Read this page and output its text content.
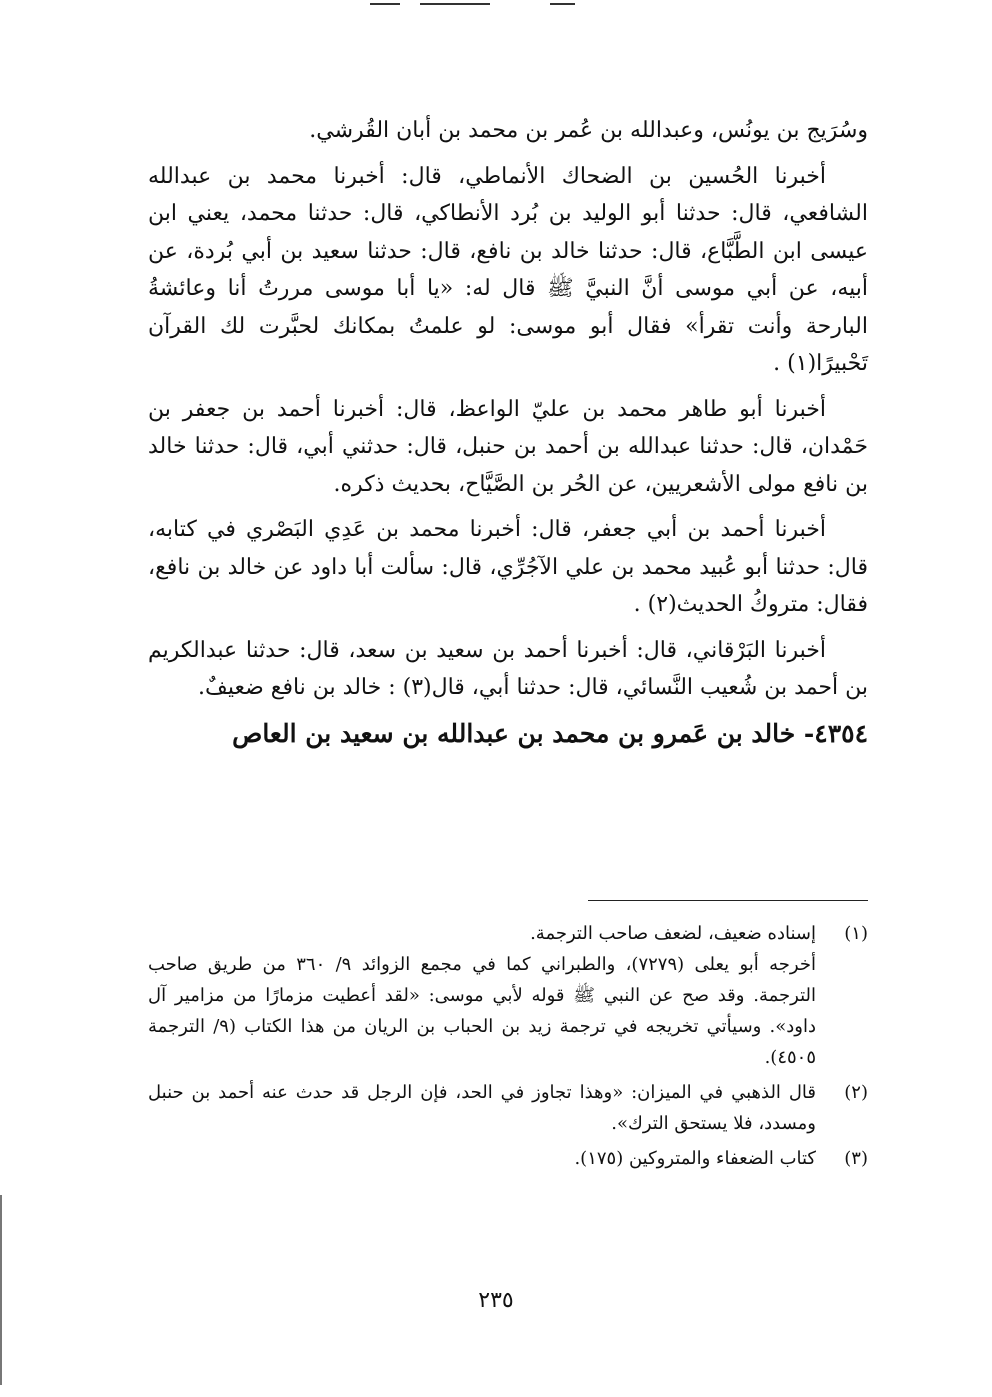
وسُرَيج بن يونُس، وعبدالله بن عُمر بن محمد بن أبان القُرشي.

أخبرنا الحُسين بن الضحاك الأنماطي، قال: أخبرنا محمد بن عبدالله الشافعي، قال: حدثنا أبو الوليد بن بُرد الأنطاكي، قال: حدثنا محمد، يعني ابن عيسى ابن الطَّبَّاع، قال: حدثنا خالد بن نافع، قال: حدثنا سعيد بن أبي بُردة، عن أبيه، عن أبي موسى أنَّ النبيَّ ﷺ قال له: «يا أبا موسى مررتُ أنا وعائشةُ البارحة وأنت تقرأ» فقال أبو موسى: لو علمتُ بمكانك لحبَّرت لك القرآن تَحْبيرًا(١) .

أخبرنا أبو طاهر محمد بن عليّ الواعظ، قال: أخبرنا أحمد بن جعفر بن حَمْدان، قال: حدثنا عبدالله بن أحمد بن حنبل، قال: حدثني أبي، قال: حدثنا خالد بن نافع مولى الأشعريين، عن الحُر بن الصَّيَّاح، بحديث ذكره.

أخبرنا أحمد بن أبي جعفر، قال: أخبرنا محمد بن عَدِي البَصْري في كتابه، قال: حدثنا أبو عُبيد محمد بن علي الآجُرِّي، قال: سألت أبا داود عن خالد بن نافع، فقال: متروكُ الحديث(٢) .

أخبرنا البَرْقاني، قال: أخبرنا أحمد بن سعيد بن سعد، قال: حدثنا عبدالكريم بن أحمد بن شُعيب النَّسائي، قال: حدثنا أبي، قال(٣) : خالد بن نافع ضعيفٌ.

٤٣٥٤- خالد بن عَمرو بن محمد بن عبدالله بن سعيد بن العاص

(١)

إسناده ضعيف، لضعف صاحب الترجمة.

أخرجه أبو يعلى (٧٢٧٩)، والطبراني كما في مجمع الزوائد ٩/ ٣٦٠ من طريق صاحب الترجمة. وقد صح عن النبي ﷺ قوله لأبي موسى: «لقد أعطيت مزمارًا من مزامير آل داود». وسيأتي تخريجه في ترجمة زيد بن الحباب بن الريان من هذا الكتاب (٩/ الترجمة ٤٥٠٥).

(٢)

قال الذهبي في الميزان: «وهذا تجاوز في الحد، فإن الرجل قد حدث عنه أحمد بن حنبل ومسدد، فلا يستحق الترك».

(٣)

كتاب الضعفاء والمتروكين (١٧٥).

٢٣٥
